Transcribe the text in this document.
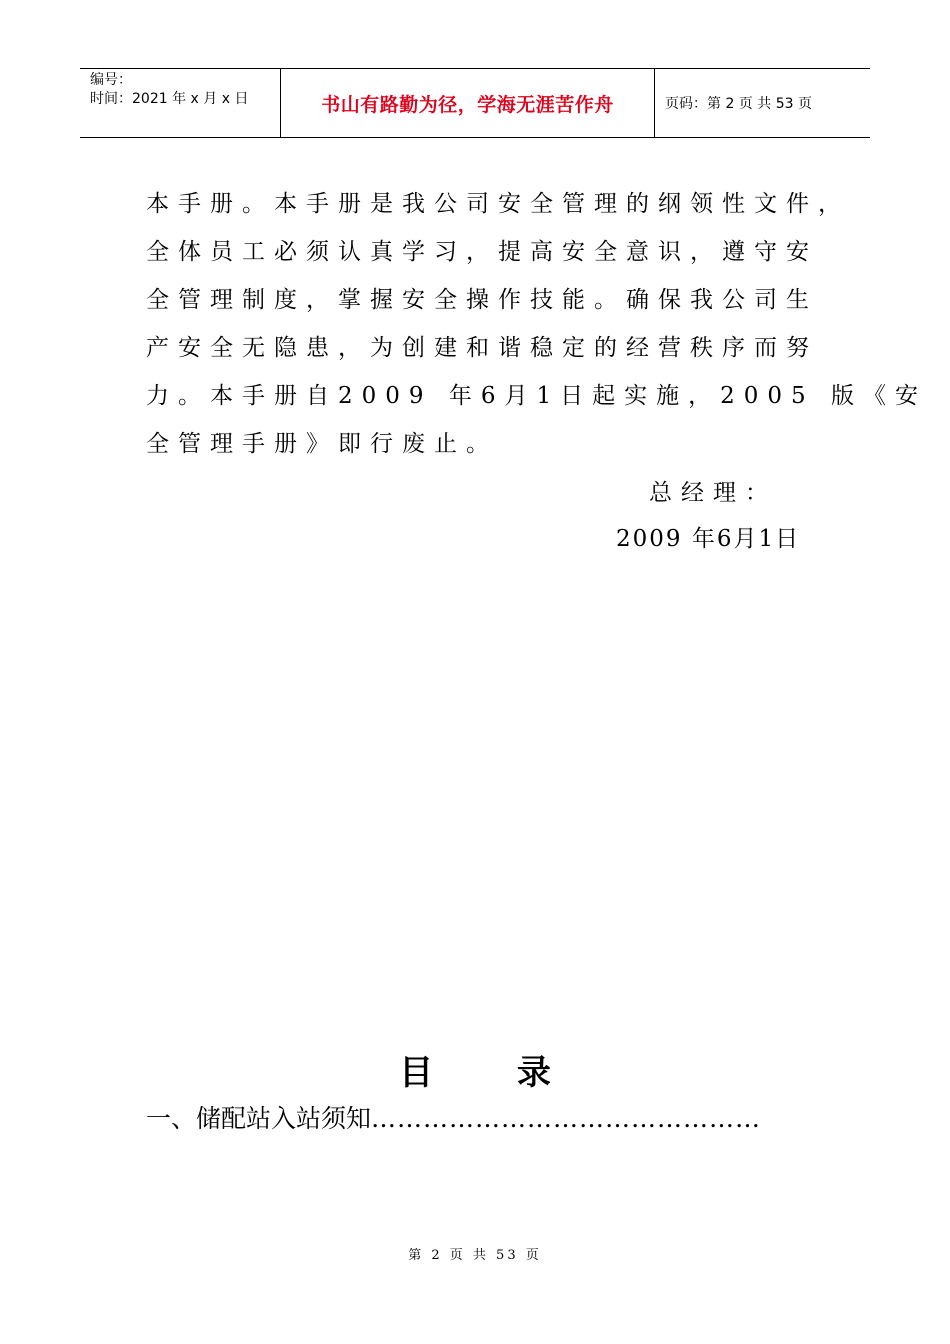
编号：
时间：2021 年 x 月 x 日	书山有路勤为径，学海无涯苦作舟	页码：第 2 页 共 53 页
本手册。本手册是我公司安全管理的纲领性文件，
全体员工必须认真学习，提高安全意识，遵守安
全管理制度，掌握安全操作技能。确保我公司生
产安全无隐患，为创建和谐稳定的经营秩序而努
力。本手册自2009 年6月1日起实施，2005 版《安
全管理手册》即行废止。
总经理：
2009 年6月1日
目 录
一、储配站入站须知………………………………………
第 2 页 共 53 页
